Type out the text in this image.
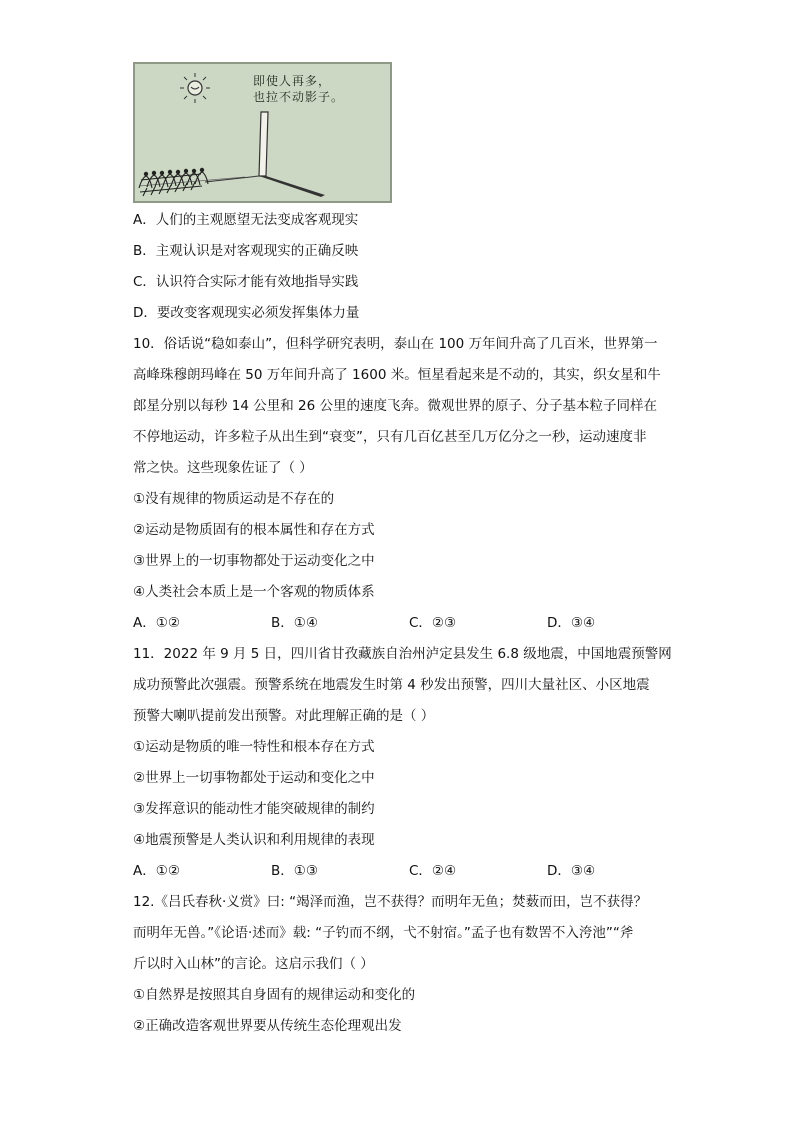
即使人再多，
也拉不动影子。
A．人们的主观愿望无法变成客观现实
B．主观认识是对客观现实的正确反映
C．认识符合实际才能有效地指导实践
D．要改变客观现实必须发挥集体力量
10．俗话说“稳如泰山”，但科学研究表明，泰山在 100 万年间升高了几百米，世界第一
高峰珠穆朗玛峰在 50 万年间升高了 1600 米。恒星看起来是不动的，其实，织女星和牛
郎星分别以每秒 14 公里和 26 公里的速度飞奔。微观世界的原子、分子基本粒子同样在
不停地运动，许多粒子从出生到“衰变”，只有几百亿甚至几万亿分之一秒，运动速度非
常之快。这些现象佐证了（ ）
①没有规律的物质运动是不存在的
②运动是物质固有的根本属性和存在方式
③世界上的一切事物都处于运动变化之中
④人类社会本质上是一个客观的物质体系
A．①②	B．①④	C．②③	D．③④
11．2022 年 9 月 5 日，四川省甘孜藏族自治州泸定县发生 6.8 级地震，中国地震预警网
成功预警此次强震。预警系统在地震发生时第 4 秒发出预警，四川大量社区、小区地震
预警大喇叭提前发出预警。对此理解正确的是（ ）
①运动是物质的唯一特性和根本存在方式
②世界上一切事物都处于运动和变化之中
③发挥意识的能动性才能突破规律的制约
④地震预警是人类认识和利用规律的表现
A．①②	B．①③	C．②④	D．③④
12.《吕氏春秋·义赏》曰: “竭泽而渔，岂不获得？而明年无鱼；焚薮而田，岂不获得？
而明年无兽。”《论语·述而》载: “子钓而不纲，弋不射宿。”孟子也有数罟不入洿池”“斧
斤以时入山林”的言论。这启示我们（ ）
①自然界是按照其自身固有的规律运动和变化的
②正确改造客观世界要从传统生态伦理观出发
